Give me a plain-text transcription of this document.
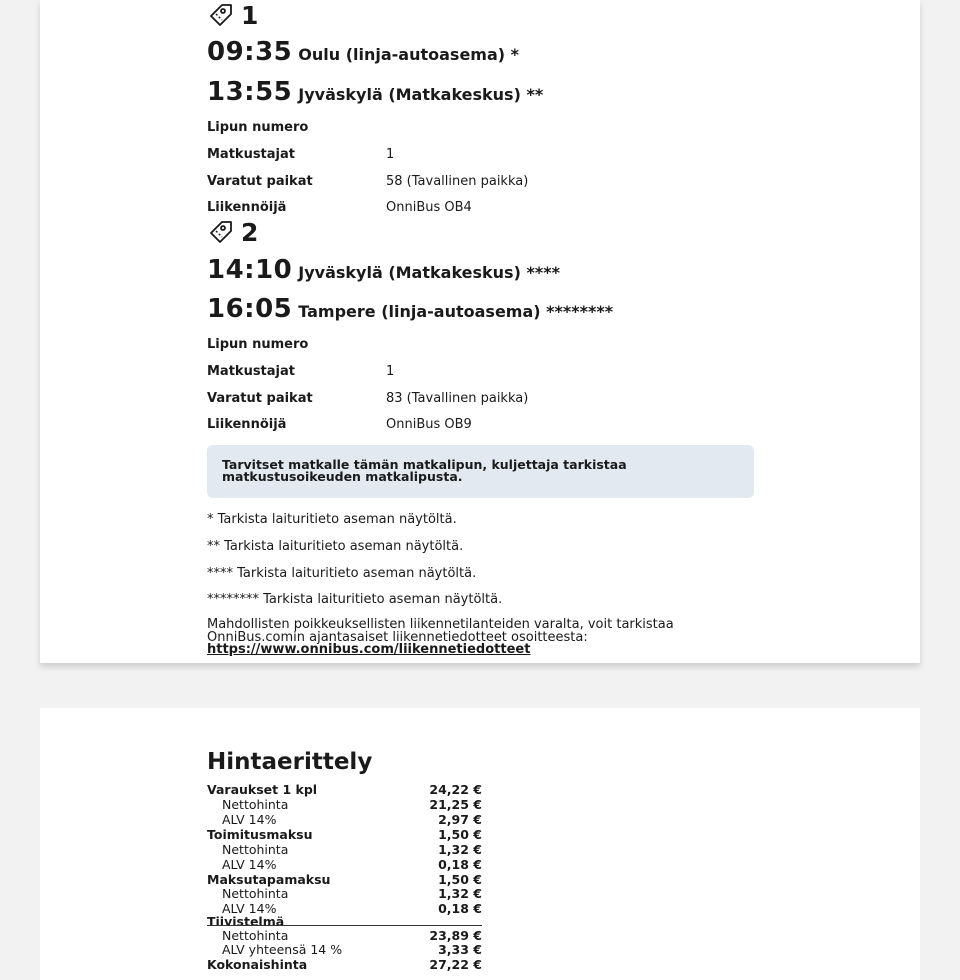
1
09:35 Oulu (linja-autoasema) *
13:55 Jyväskylä (Matkakeskus) **
Lipun numero
Matkustajat	1
Varatut paikat	58 (Tavallinen paikka)
Liikennöijä	OnniBus OB4
2
14:10 Jyväskylä (Matkakeskus) ****
16:05 Tampere (linja-autoasema) ********
Lipun numero
Matkustajat	1
Varatut paikat	83 (Tavallinen paikka)
Liikennöijä	OnniBus OB9
Tarvitset matkalle tämän matkalipun, kuljettaja tarkistaa matkustusoikeuden matkalipusta.
* Tarkista laituritieto aseman näytöltä.
** Tarkista laituritieto aseman näytöltä.
**** Tarkista laituritieto aseman näytöltä.
******** Tarkista laituritieto aseman näytöltä.
Mahdollisten poikkeuksellisten liikennetilanteiden varalta, voit tarkistaa OnniBus.comin ajantasaiset liikennetiedotteet osoitteesta: https://www.onnibus.com/liikennetiedotteet
Hintaerittely
Varaukset 1 kpl	24,22 €
Nettohinta	21,25 €
ALV 14%	2,97 €
Toimitusmaksu	1,50 €
Nettohinta	1,32 €
ALV 14%	0,18 €
Maksutapamaksu	1,50 €
Nettohinta	1,32 €
ALV 14%	0,18 €
Tiivistelmä
Nettohinta	23,89 €
ALV yhteensä 14 %	3,33 €
Kokonaishinta	27,22 €
